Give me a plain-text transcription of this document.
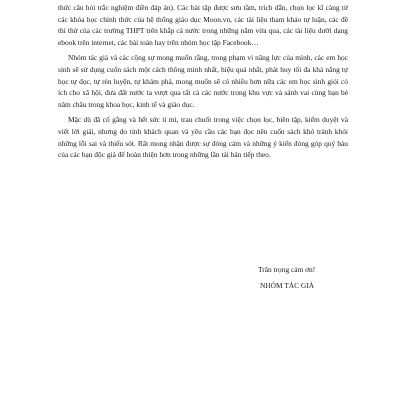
thức câu hỏi trắc nghiệm điền đáp án). Các bài tập được sưu tầm, trích dẫn, chọn lọc kĩ càng từ các khóa học chính thức của hệ thống giáo dục Moon.vn, các tài liệu tham khảo tự luận, các đề thi thử của các trường THPT trên khắp cả nước trong những năm vừa qua, các tài liệu dưới dạng ebook trên internet, các bài toán hay trên nhóm học tập Facebook…

Nhóm tác giả và các cộng sự mong muốn rằng, trong phạm vi năng lực của mình, các em học sinh sẽ sử dụng cuốn sách một cách thông minh nhất, hiệu quả nhất, phát huy tối đa khả năng tự học tự đọc, tự rèn luyện, tự khám phá, mong muốn sẽ có nhiều hơn nữa các em học sinh giỏi có ích cho xã hội, đưa đất nước ta vượt qua tất cả các nước trong khu vực và sánh vai cùng bạn bè năm châu trong khoa học, kinh tế và giáo dục.

Mặc dù đã cố gắng và hết sức tỉ mỉ, trau chuốt trong việc chọn lọc, biên tập, kiểm duyệt và viết lời giải, nhưng do tính khách quan và yêu cầu các bạn đọc nên cuốn sách khó tránh khỏi những lỗi sai và thiếu sót. Rất mong nhận được sự đóng cảm và những ý kiến đóng góp quý báu của các bạn độc giả để hoàn thiện hơn trong những lần tái bản tiếp theo.

Trân trọng cảm ơn!
NHÓM TÁC GIẢ
